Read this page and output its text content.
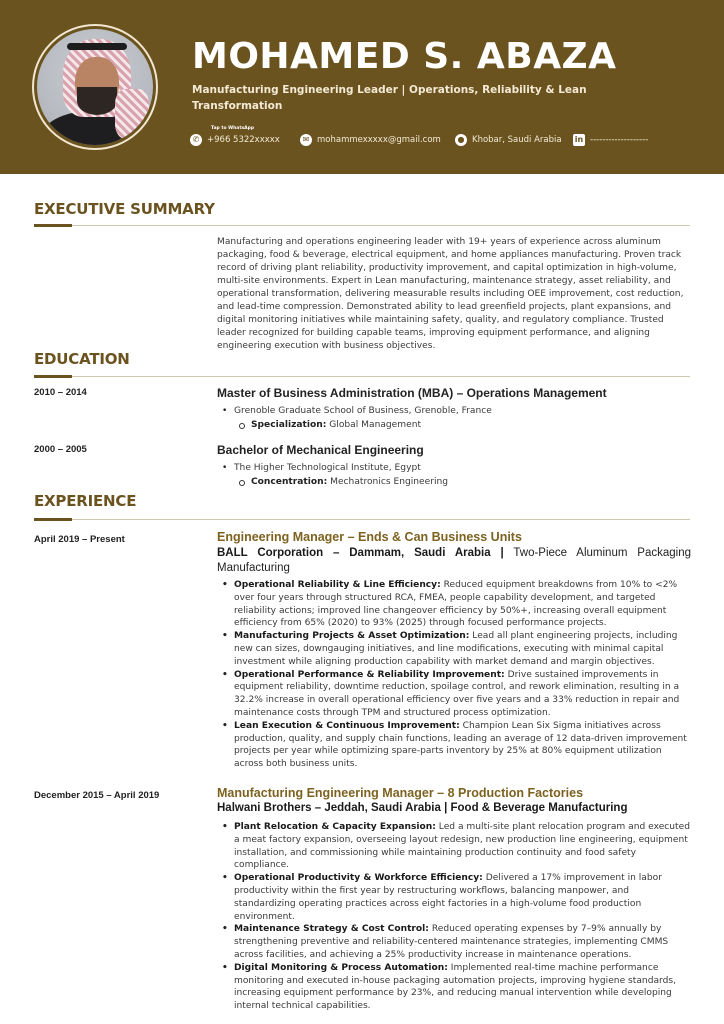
MOHAMED S. ABAZA
Manufacturing Engineering Leader | Operations, Reliability & Lean Transformation
Tap to WhatsApp
✆ +966 5322xxxxx	✉ mohammexxxxx@gmail.com	● Khobar, Saudi Arabia in -------------------
EXECUTIVE SUMMARY
Manufacturing and operations engineering leader with 19+ years of experience across aluminum packaging, food & beverage, electrical equipment, and home appliances manufacturing. Proven track record of driving plant reliability, productivity improvement, and capital optimization in high-volume, multi-site environments. Expert in Lean manufacturing, maintenance strategy, asset reliability, and operational transformation, delivering measurable results including OEE improvement, cost reduction, and lead-time compression. Demonstrated ability to lead greenfield projects, plant expansions, and digital monitoring initiatives while maintaining safety, quality, and regulatory compliance. Trusted leader recognized for building capable teams, improving equipment performance, and aligning engineering execution with business objectives.
EDUCATION
2010 – 2014	Master of Business Administration (MBA) – Operations Management
• Grenoble Graduate School of Business, Grenoble, France
Specialization: Global Management
2000 – 2005	Bachelor of Mechanical Engineering
• The Higher Technological Institute, Egypt
Concentration: Mechatronics Engineering
EXPERIENCE
April 2019 – Present	Engineering Manager – Ends & Can Business Units
BALL Corporation – Dammam, Saudi Arabia | Two-Piece Aluminum Packaging Manufacturing
• Operational Reliability & Line Efficiency: Reduced equipment breakdowns from 10% to <2% over four years through structured RCA, FMEA, people capability development, and targeted reliability actions; improved line changeover efficiency by 50%+, increasing overall equipment efficiency from 65% (2020) to 93% (2025) through focused performance projects.
• Manufacturing Projects & Asset Optimization: Lead all plant engineering projects, including new can sizes, downgauging initiatives, and line modifications, executing with minimal capital investment while aligning production capability with market demand and margin objectives.
• Operational Performance & Reliability Improvement: Drive sustained improvements in equipment reliability, downtime reduction, spoilage control, and rework elimination, resulting in a 32.2% increase in overall operational efficiency over five years and a 33% reduction in repair and maintenance costs through TPM and structured process optimization.
• Lean Execution & Continuous Improvement: Champion Lean Six Sigma initiatives across production, quality, and supply chain functions, leading an average of 12 data-driven improvement projects per year while optimizing spare-parts inventory by 25% at 80% equipment utilization across both business units.
December 2015 – April 2019	Manufacturing Engineering Manager – 8 Production Factories
Halwani Brothers – Jeddah, Saudi Arabia | Food & Beverage Manufacturing
• Plant Relocation & Capacity Expansion: Led a multi-site plant relocation program and executed a meat factory expansion, overseeing layout redesign, new production line engineering, equipment installation, and commissioning while maintaining production continuity and food safety compliance.
• Operational Productivity & Workforce Efficiency: Delivered a 17% improvement in labor productivity within the first year by restructuring workflows, balancing manpower, and standardizing operating practices across eight factories in a high-volume food production environment.
• Maintenance Strategy & Cost Control: Reduced operating expenses by 7–9% annually by strengthening preventive and reliability-centered maintenance strategies, implementing CMMS across facilities, and achieving a 25% productivity increase in maintenance operations.
• Digital Monitoring & Process Automation: Implemented real-time machine performance monitoring and executed in-house packaging automation projects, improving hygiene standards, increasing equipment performance by 23%, and reducing manual intervention while developing internal technical capabilities.
